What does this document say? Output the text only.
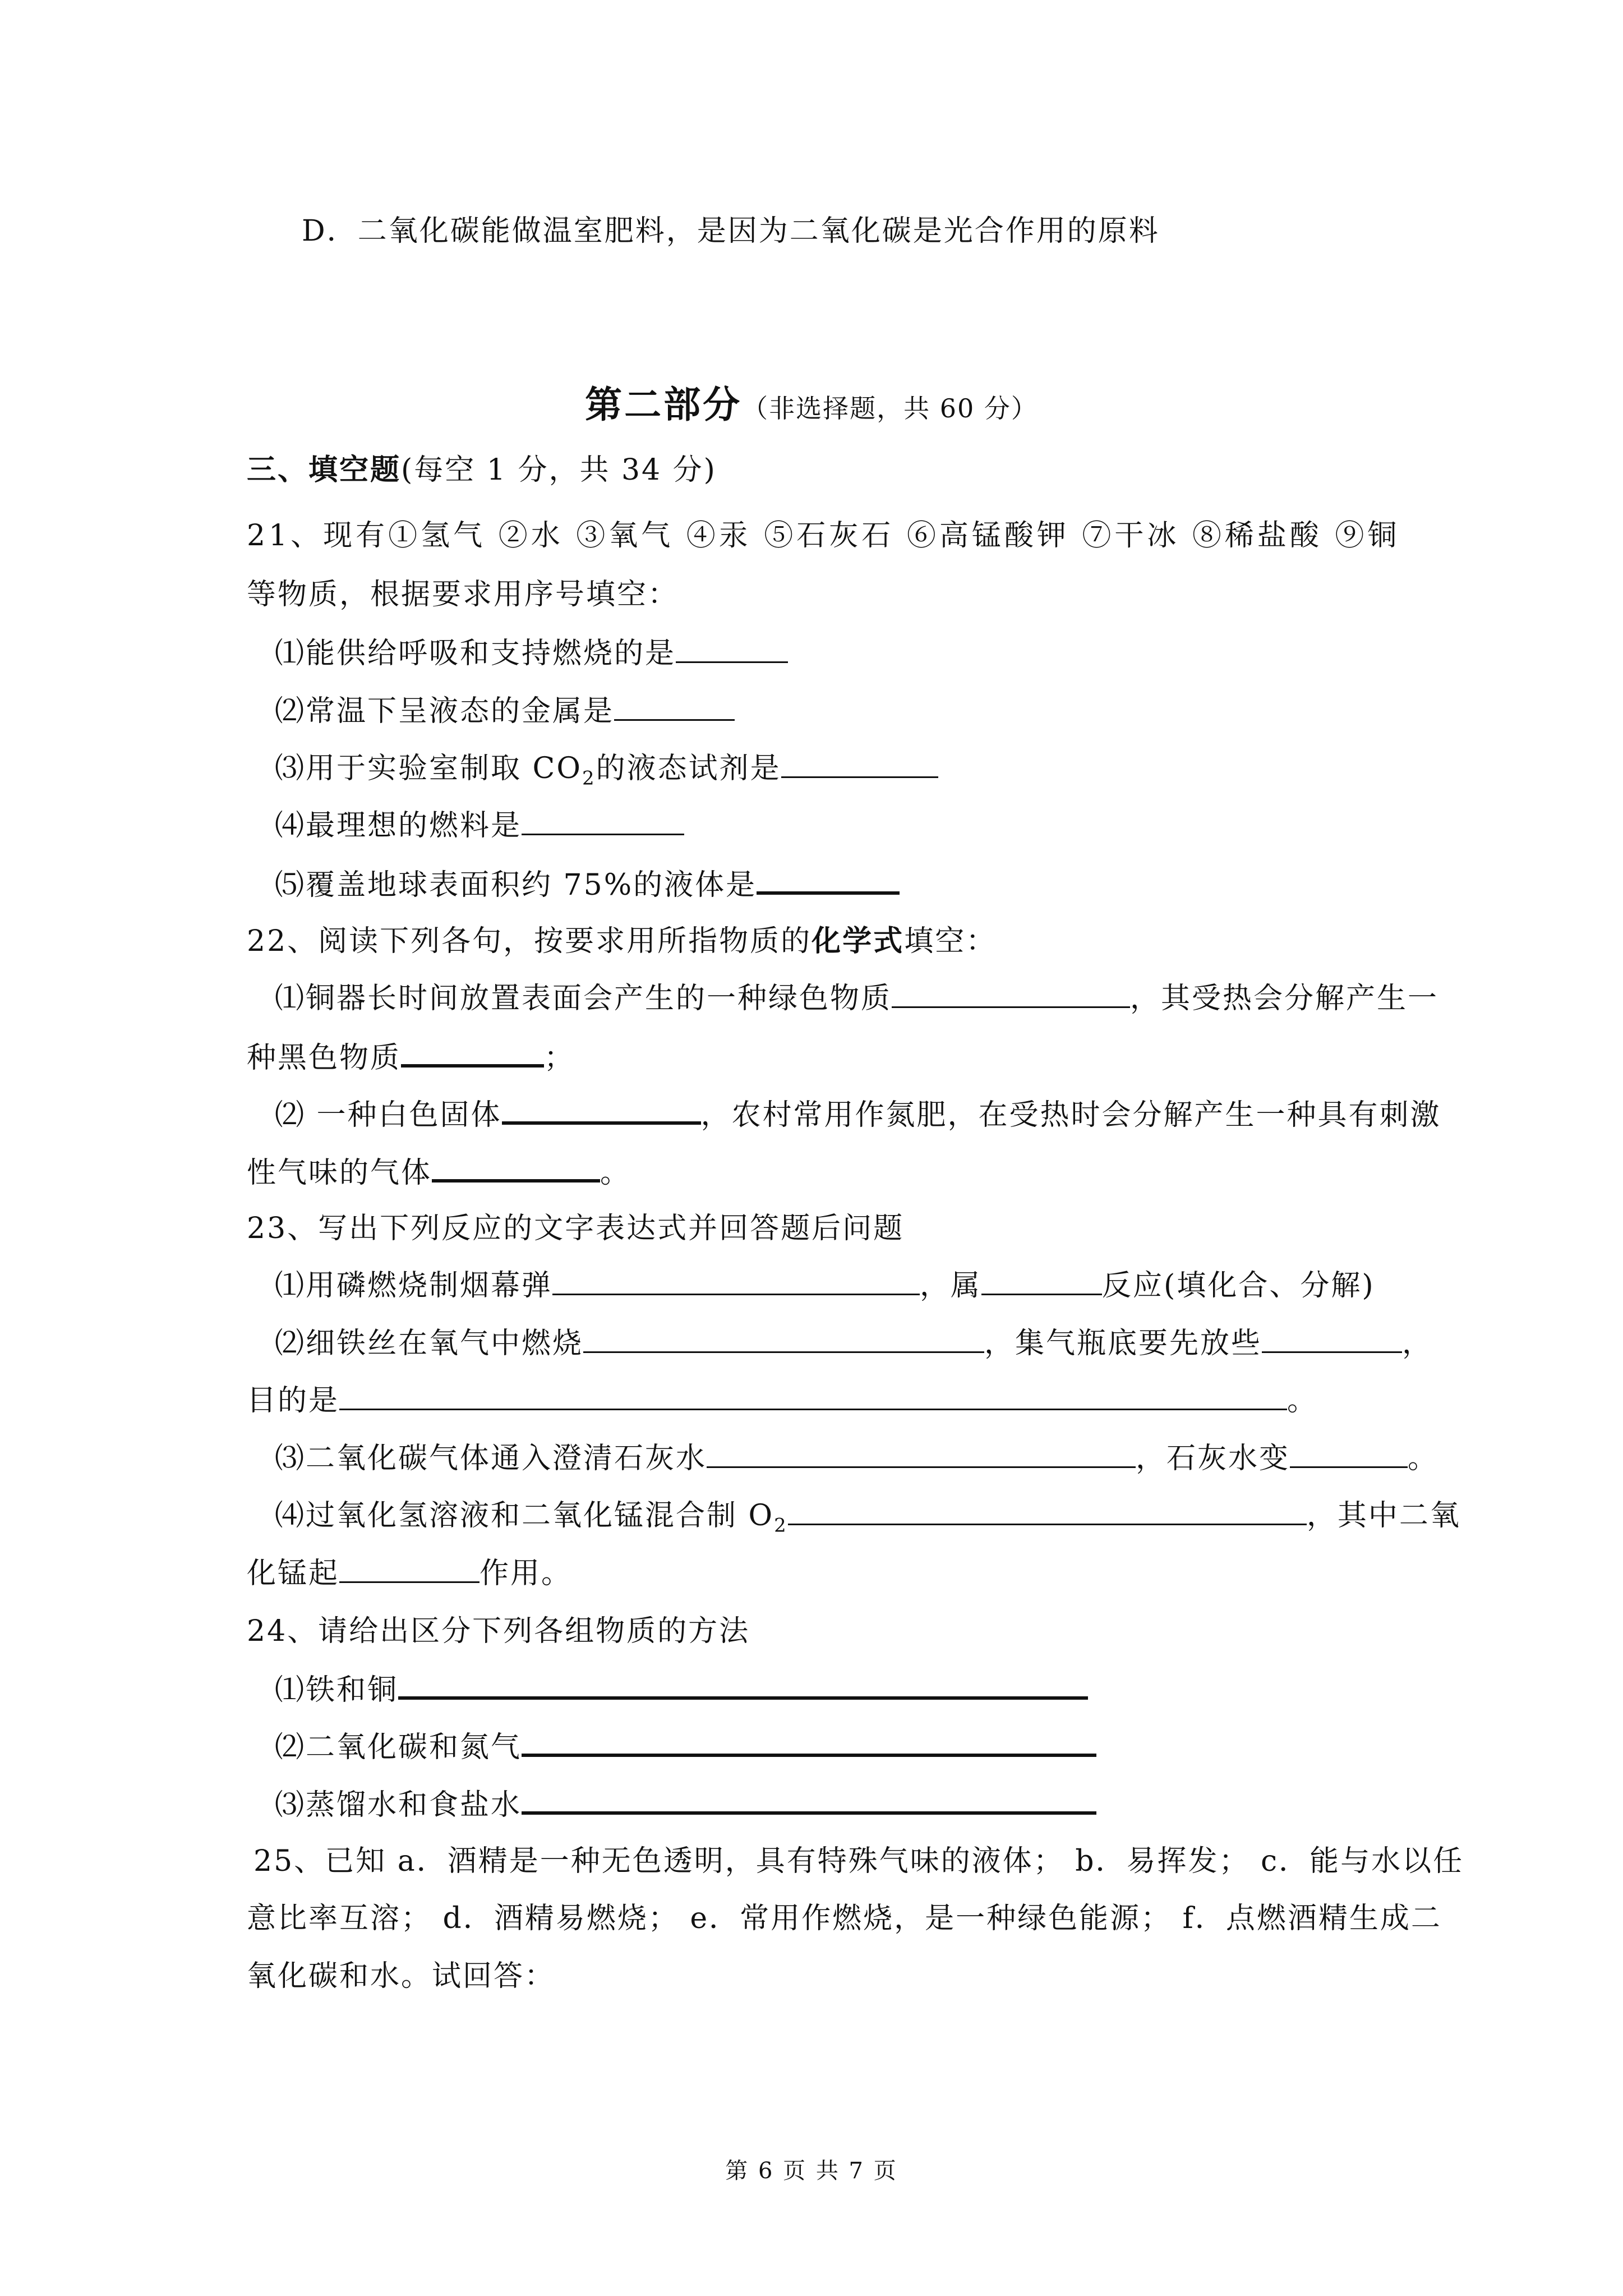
D．二氧化碳能做温室肥料，是因为二氧化碳是光合作用的原料
第二部分（非选择题，共 60 分）
三、填空题(每空 1 分，共 34 分)
21、现有①氢气 ②水 ③氧气 ④汞 ⑤石灰石 ⑥高锰酸钾 ⑦干冰 ⑧稀盐酸 ⑨铜
等物质，根据要求用序号填空：
⑴能供给呼吸和支持燃烧的是
⑵常温下呈液态的金属是
⑶用于实验室制取 $CO_2$的液态试剂是
⑷最理想的燃料是
⑸覆盖地球表面积约 75%的液体是
22、阅读下列各句，按要求用所指物质的化学式填空：
⑴铜器长时间放置表面会产生的一种绿色物质	，其受热会分解产生一
种黑色物质	；
⑵ 一种白色固体	，农村常用作氮肥，在受热时会分解产生一种具有刺激
性气味的气体	。
23、写出下列反应的文字表达式并回答题后问题
⑴用磷燃烧制烟幕弹	，属	反应(填化合、分解)
⑵细铁丝在氧气中燃烧	，集气瓶底要先放些	，
目的是	。
⑶二氧化碳气体通入澄清石灰水	，石灰水变	。
⑷过氧化氢溶液和二氧化锰混合制 $O_2$	，其中二氧
化锰起	作用。
24、请给出区分下列各组物质的方法
⑴铁和铜
⑵二氧化碳和氮气
⑶蒸馏水和食盐水
25、已知 a．酒精是一种无色透明，具有特殊气味的液体； b．易挥发； c．能与水以任
意比率互溶； d．酒精易燃烧； e．常用作燃烧，是一种绿色能源； f．点燃酒精生成二
氧化碳和水。试回答：
第 6 页 共 7 页
